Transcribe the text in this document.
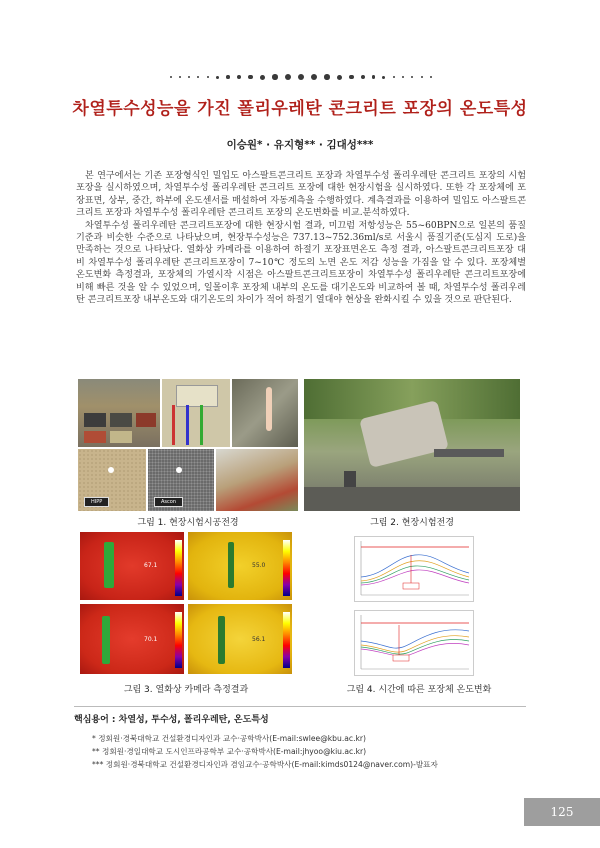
차열투수성능을 가진 폴리우레탄 콘크리트 포장의 온도특성
이승원* · 유지형** · 김대성***

본 연구에서는 기존 포장형식인 밀입도 아스팔트콘크리트 포장과 차열투수성 폴리우레탄 콘크리트 포장의 시험포장을 실시하였으며, 차열투수성 폴리우레탄 콘크리트 포장에 대한 현장시험을 실시하였다. 또한 각 포장체에 포장표면, 상부, 중간, 하부에 온도센서를 매설하여 자동계측을 수행하였다. 계측결과를 이용하여 밀입도 아스팔트콘크리트 포장과 차열투수성 폴리우레탄 콘크리트 포장의 온도변화를 비교.분석하였다.

차열투수성 폴리우레탄 콘크리트포장에 대한 현장시험 결과, 미끄럼 저항성능은 55~60BPN으로 일본의 품질기준과 비슷한 수준으로 나타났으며, 현장투수성능은 737.13~752.36ml/s로 서울시 품질기준(도심지 도로)을 만족하는 것으로 나타났다. 열화상 카메라를 이용하여 하절기 포장표면온도 측정 결과, 아스팔트콘크리트포장 대비 차열투수성 폴리우레탄 콘크리트포장이 7~10℃ 정도의 노면 온도 저감 성능을 가짐을 알 수 있다. 포장체별 온도변화 측정결과, 포장체의 가열시작 시점은 아스팔트콘크리트포장이 차열투수성 폴리우레탄 콘크리트포장에 비해 빠른 것을 알 수 있었으며, 일몰이후 포장체 내부의 온도를 대기온도와 비교하여 볼 때, 차열투수성 폴리우레탄 콘크리트포장 내부온도와 대기온도의 차이가 적어 하절기 열대야 현상을 완화시킬 수 있을 것으로 판단된다.

HIPP	Ascon
그림 1. 현장시험시공전경	그림 2. 현장시험전경
67.1	55.0
70.1	56.1
그림 3. 열화상 카메라 측정결과	그림 4. 시간에 따른 포장체 온도변화
핵심용어 : 차열성, 투수성, 폴리우레탄, 온도특성
* 정회원·경북대학교 건설환경디자인과 교수·공학박사(E-mail:swlee@kbu.ac.kr)
** 정회원·경일대학교 도시인프라공학부 교수·공학박사(E-mail:jhyoo@kiu.ac.kr)
*** 정회원·경북대학교 건설환경디자인과 겸임교수·공학박사(E-mail:kimds0124@naver.com)-발표자
125
